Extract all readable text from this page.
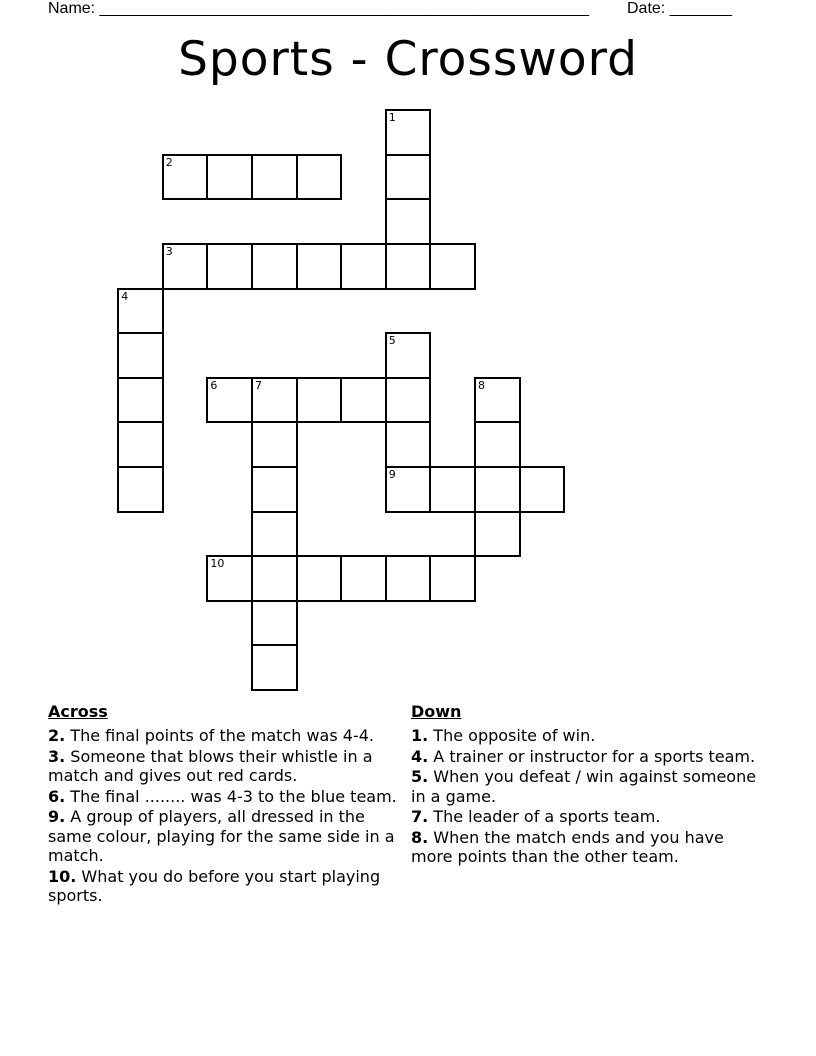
Name: _______________________________________________________ Date: _______
Sports - Crossword
1
2
3
4
5
6	7	8
9
10
Across
2. The final points of the match was 4-4.
3. Someone that blows their whistle in a match and gives out red cards.
6. The final ........ was 4-3 to the blue team.
9. A group of players, all dressed in the same colour, playing for the same side in a match.
10. What you do before you start playing sports.
Down
1. The opposite of win.
4. A trainer or instructor for a sports team.
5. When you defeat / win against someone in a game.
7. The leader of a sports team.
8. When the match ends and you have more points than the other team.
